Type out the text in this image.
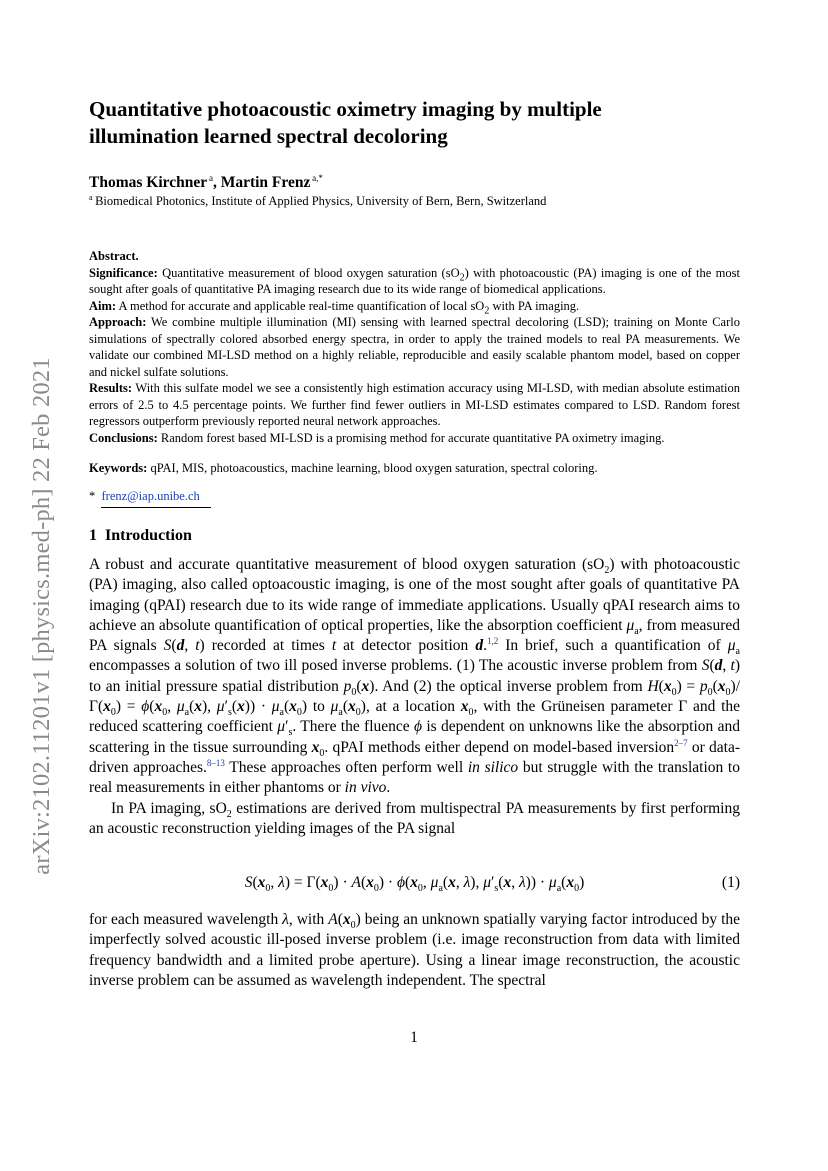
arXiv:2102.11201v1 [physics.med-ph] 22 Feb 2021
Quantitative photoacoustic oximetry imaging by multiple
illumination learned spectral decoloring
Thomas Kirchner  $^a$, Martin Frenz  $^{a,*}$
$^a$  Biomedical Photonics, Institute of Applied Physics, University of Bern, Bern, Switzerland

Abstract.

Significance: Quantitative measurement of blood oxygen saturation $(sO_2)$ with photoacoustic (PA) imaging is one of the most sought after goals of quantitative PA imaging research due to its wide range of biomedical applications.

Aim: A method for accurate and applicable real-time quantification of local $sO_2$ with PA imaging.

Approach: We combine multiple illumination (MI) sensing with learned spectral decoloring (LSD); training on Monte Carlo simulations of spectrally colored absorbed energy spectra, in order to apply the trained models to real PA measurements. We validate our combined MI-LSD method on a highly reliable, reproducible and easily scalable phantom model, based on copper and nickel sulfate solutions.

Results: With this sulfate model we see a consistently high estimation accuracy using MI-LSD, with median absolute estimation errors of 2.5 to 4.5 percentage points. We further find fewer outliers in MI-LSD estimates compared to LSD. Random forest regressors outperform previously reported neural network approaches.

Conclusions: Random forest based MI-LSD is a promising method for accurate quantitative PA oximetry imaging.

Keywords: qPAI, MIS, photoacoustics, machine learning, blood oxygen saturation, spectral coloring.
* frenz@iap.unibe.ch
1 Introduction

A robust and accurate quantitative measurement of blood oxygen saturation $(sO_2)$ with photoacoustic (PA) imaging, also called optoacoustic imaging, is one of the most sought after goals of quantitative PA imaging (qPAI) research due to its wide range of immediate applications. Usually qPAI research aims to achieve an absolute quantification of optical properties, like the absorption coefficient $\mu_a$, from measured PA signals S(d, t) recorded at times t at detector position d.$^{1,2}$ In brief, such a quantification of $\mu_a$ encompasses a solution of two ill posed inverse problems. (1) The acoustic inverse problem from S(d, t) to an initial pressure spatial distribution $p_0(x)$. And (2) the optical inverse problem from $H(x_0) = p_0(x_0)/\Gamma(x_0) = \phi(x_0$, $\mu_a(x)$, $\mu'_s(x)) \cdot \mu_a(x_0)$ to $\mu_a(x_0)$, at a location $x_0$, with the Grüneisen parameter Γ and the reduced scattering coefficient $\mu'_s$. There the fluence ϕ is dependent on unknowns like the absorption and scattering in the tissue surrounding $x_0$. qPAI methods either depend on model-based inversion$^{2-7}$ or data-driven approaches.$^{8-13}$ These approaches often perform well in silico but struggle with the translation to real measurements in either phantoms or in vivo.

In PA imaging, $sO_2$ estimations are derived from multispectral PA measurements by first performing an acoustic reconstruction yielding images of the PA signal

$S(x_0$, $\lambda) = \Gamma(x_0) \cdot A(x_0) \cdot \phi(x_0$, $\mu_a(x$, λ), $\mu'_s(x$, $\lambda)) \cdot \mu_a(x_0)$	(1)

for each measured wavelength λ, with $A(x_0)$ being an unknown spatially varying factor introduced by the imperfectly solved acoustic ill-posed inverse problem (i.e. image reconstruction from data with limited frequency bandwidth and a limited probe aperture). Using a linear image reconstruction, the acoustic inverse problem can be assumed as wavelength independent. The spectral

1
